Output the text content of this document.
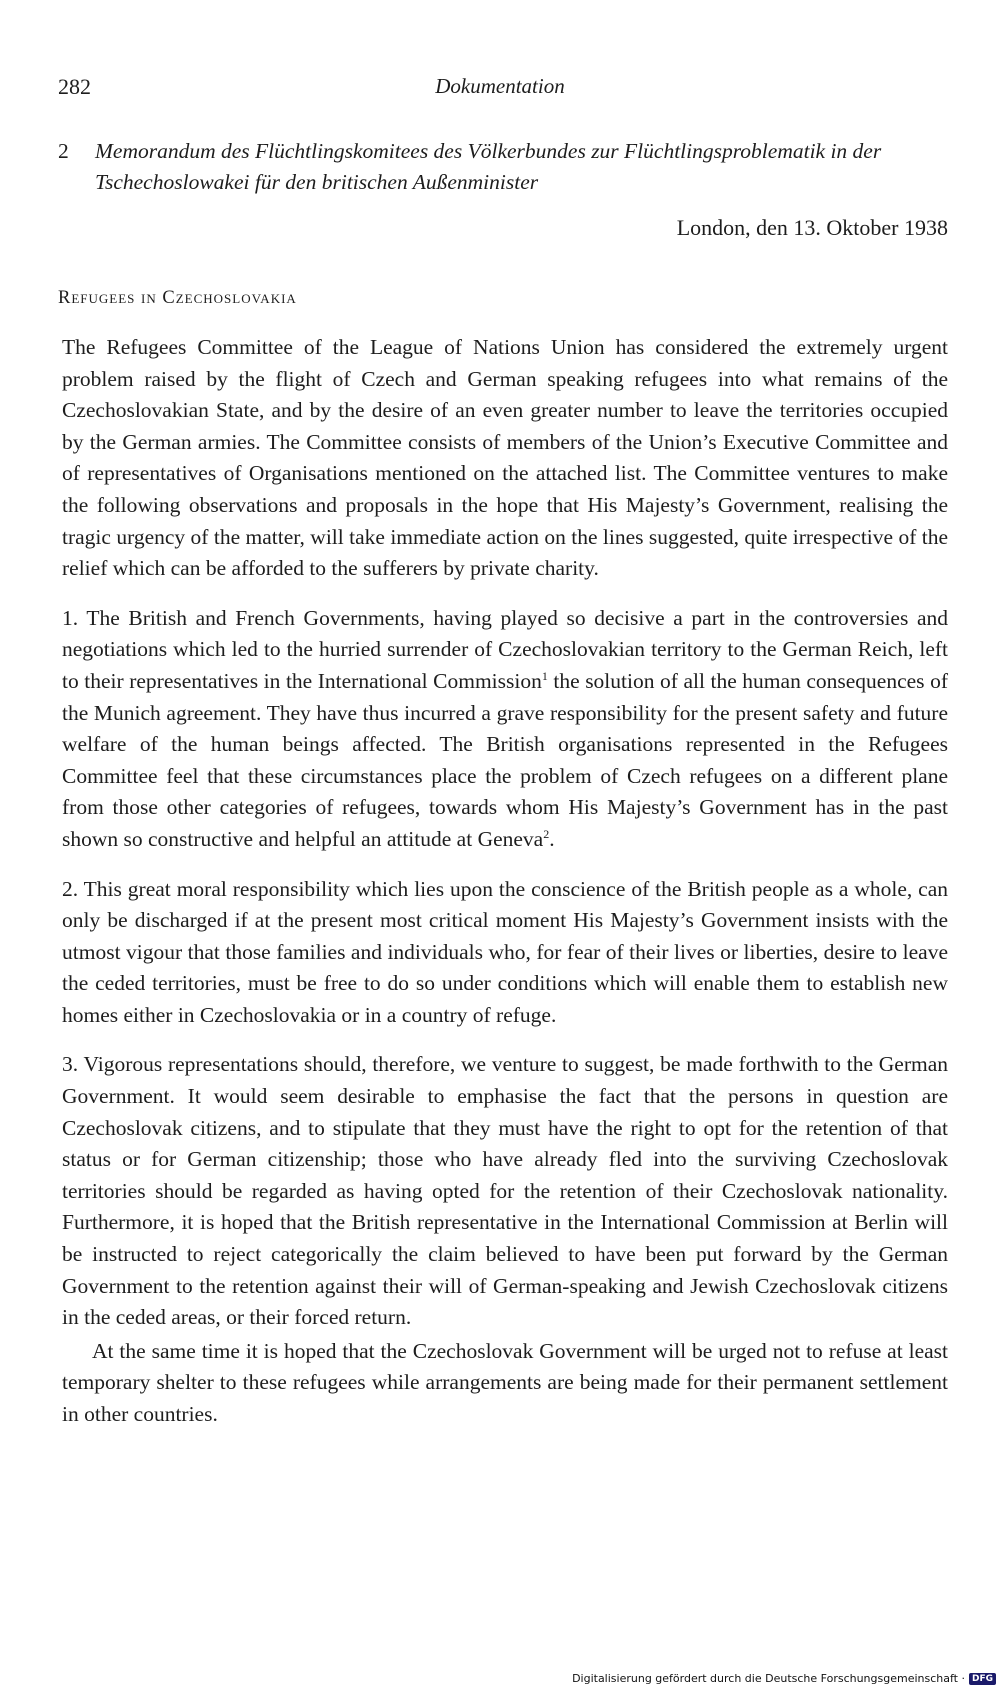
282	Dokumentation
2 Memorandum des Flüchtlingskomitees des Völkerbundes zur Flüchtlingsproblematik in der Tschechoslowakei für den britischen Außenminister
London, den 13. Oktober 1938
Refugees in Czechoslovakia

The Refugees Committee of the League of Nations Union has considered the extremely urgent problem raised by the flight of Czech and German speaking refugees into what remains of the Czechoslovakian State, and by the desire of an even greater number to leave the territories occupied by the German armies. The Committee consists of members of the Union’s Executive Committee and of representatives of Organisations mentioned on the attached list. The Committee ventures to make the following observations and proposals in the hope that His Majesty’s Government, realising the tragic urgency of the matter, will take immediate action on the lines suggested, quite irrespective of the relief which can be afforded to the sufferers by private charity.

1. The British and French Governments, having played so decisive a part in the controversies and negotiations which led to the hurried surrender of Czechoslovakian territory to the German Reich, left to their representatives in the International Commission$^1$ the solution of all the human consequences of the Munich agreement. They have thus incurred a grave responsibility for the present safety and future welfare of the human beings affected. The British organisations represented in the Refugees Committee feel that these circumstances place the problem of Czech refugees on a different plane from those other categories of refugees, towards whom His Majesty’s Government has in the past shown so constructive and helpful an attitude at Geneva$^2$.

2. This great moral responsibility which lies upon the conscience of the British people as a whole, can only be discharged if at the present most critical moment His Majesty’s Government insists with the utmost vigour that those families and individuals who, for fear of their lives or liberties, desire to leave the ceded territories, must be free to do so under conditions which will enable them to establish new homes either in Czechoslovakia or in a country of refuge.

3. Vigorous representations should, therefore, we venture to suggest, be made forthwith to the German Government. It would seem desirable to emphasise the fact that the persons in question are Czechoslovak citizens, and to stipulate that they must have the right to opt for the retention of that status or for German citizenship; those who have already fled into the surviving Czechoslovak territories should be regarded as having opted for the retention of their Czechoslovak nationality. Furthermore, it is hoped that the British representative in the International Commission at Berlin will be instructed to reject categorically the claim believed to have been put forward by the German Government to the retention against their will of German-speaking and Jewish Czechoslovak citizens in the ceded areas, or their forced return.

At the same time it is hoped that the Czechoslovak Government will be urged not to refuse at least temporary shelter to these refugees while arrangements are being made for their permanent settlement in other countries.

Digitalisierung gefördert durch die Deutsche Forschungsgemeinschaft · DFG
